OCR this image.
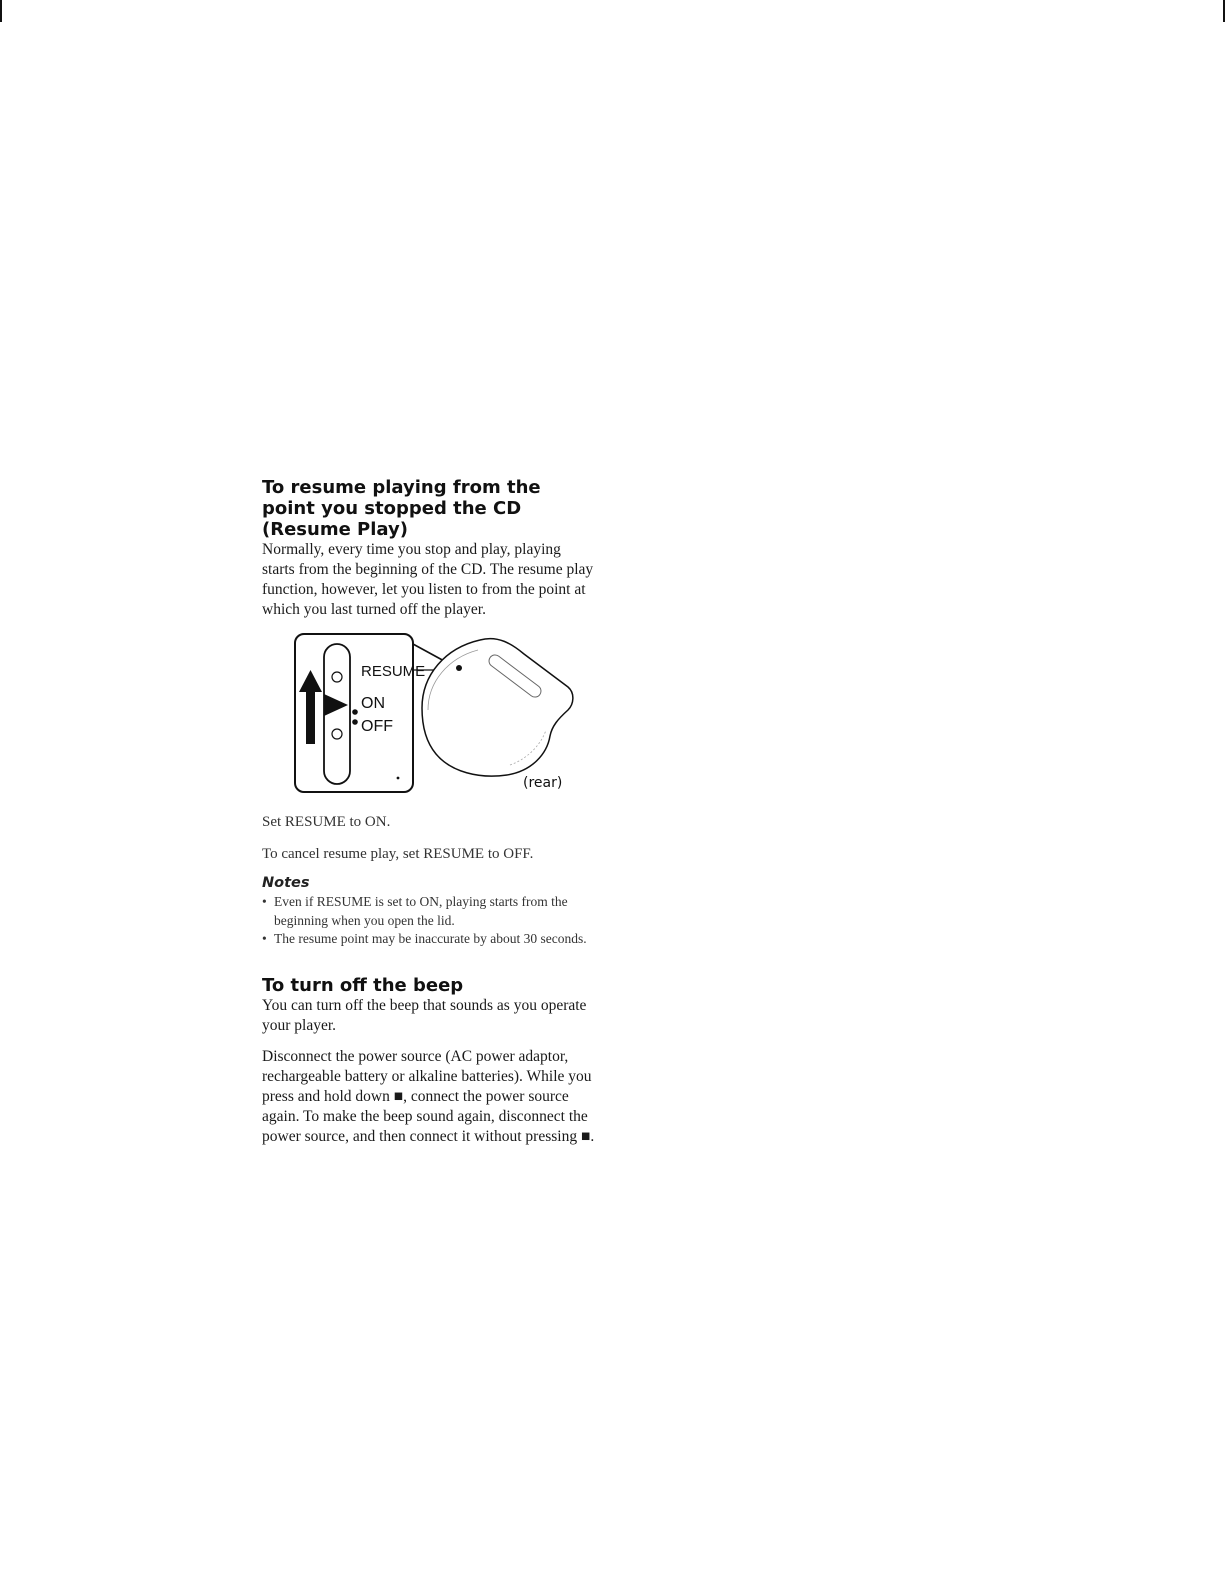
To resume playing from the point you stopped the CD (Resume Play)

Normally, every time you stop and play, playing starts from the beginning of the CD. The resume play function, however, let you listen to from the point at which you last turned off the player.

RESUME
ON
OFF
(rear)

Set RESUME to ON.

To cancel resume play, set RESUME to OFF.

Notes
• Even if RESUME is set to ON, playing starts from the beginning when you open the lid.
• The resume point may be inaccurate by about 30 seconds.
To turn off the beep

You can turn off the beep that sounds as you operate your player.

Disconnect the power source (AC power adaptor, rechargeable battery or alkaline batteries). While you press and hold down ■, connect the power source again. To make the beep sound again, disconnect the power source, and then connect it without pressing ■.
